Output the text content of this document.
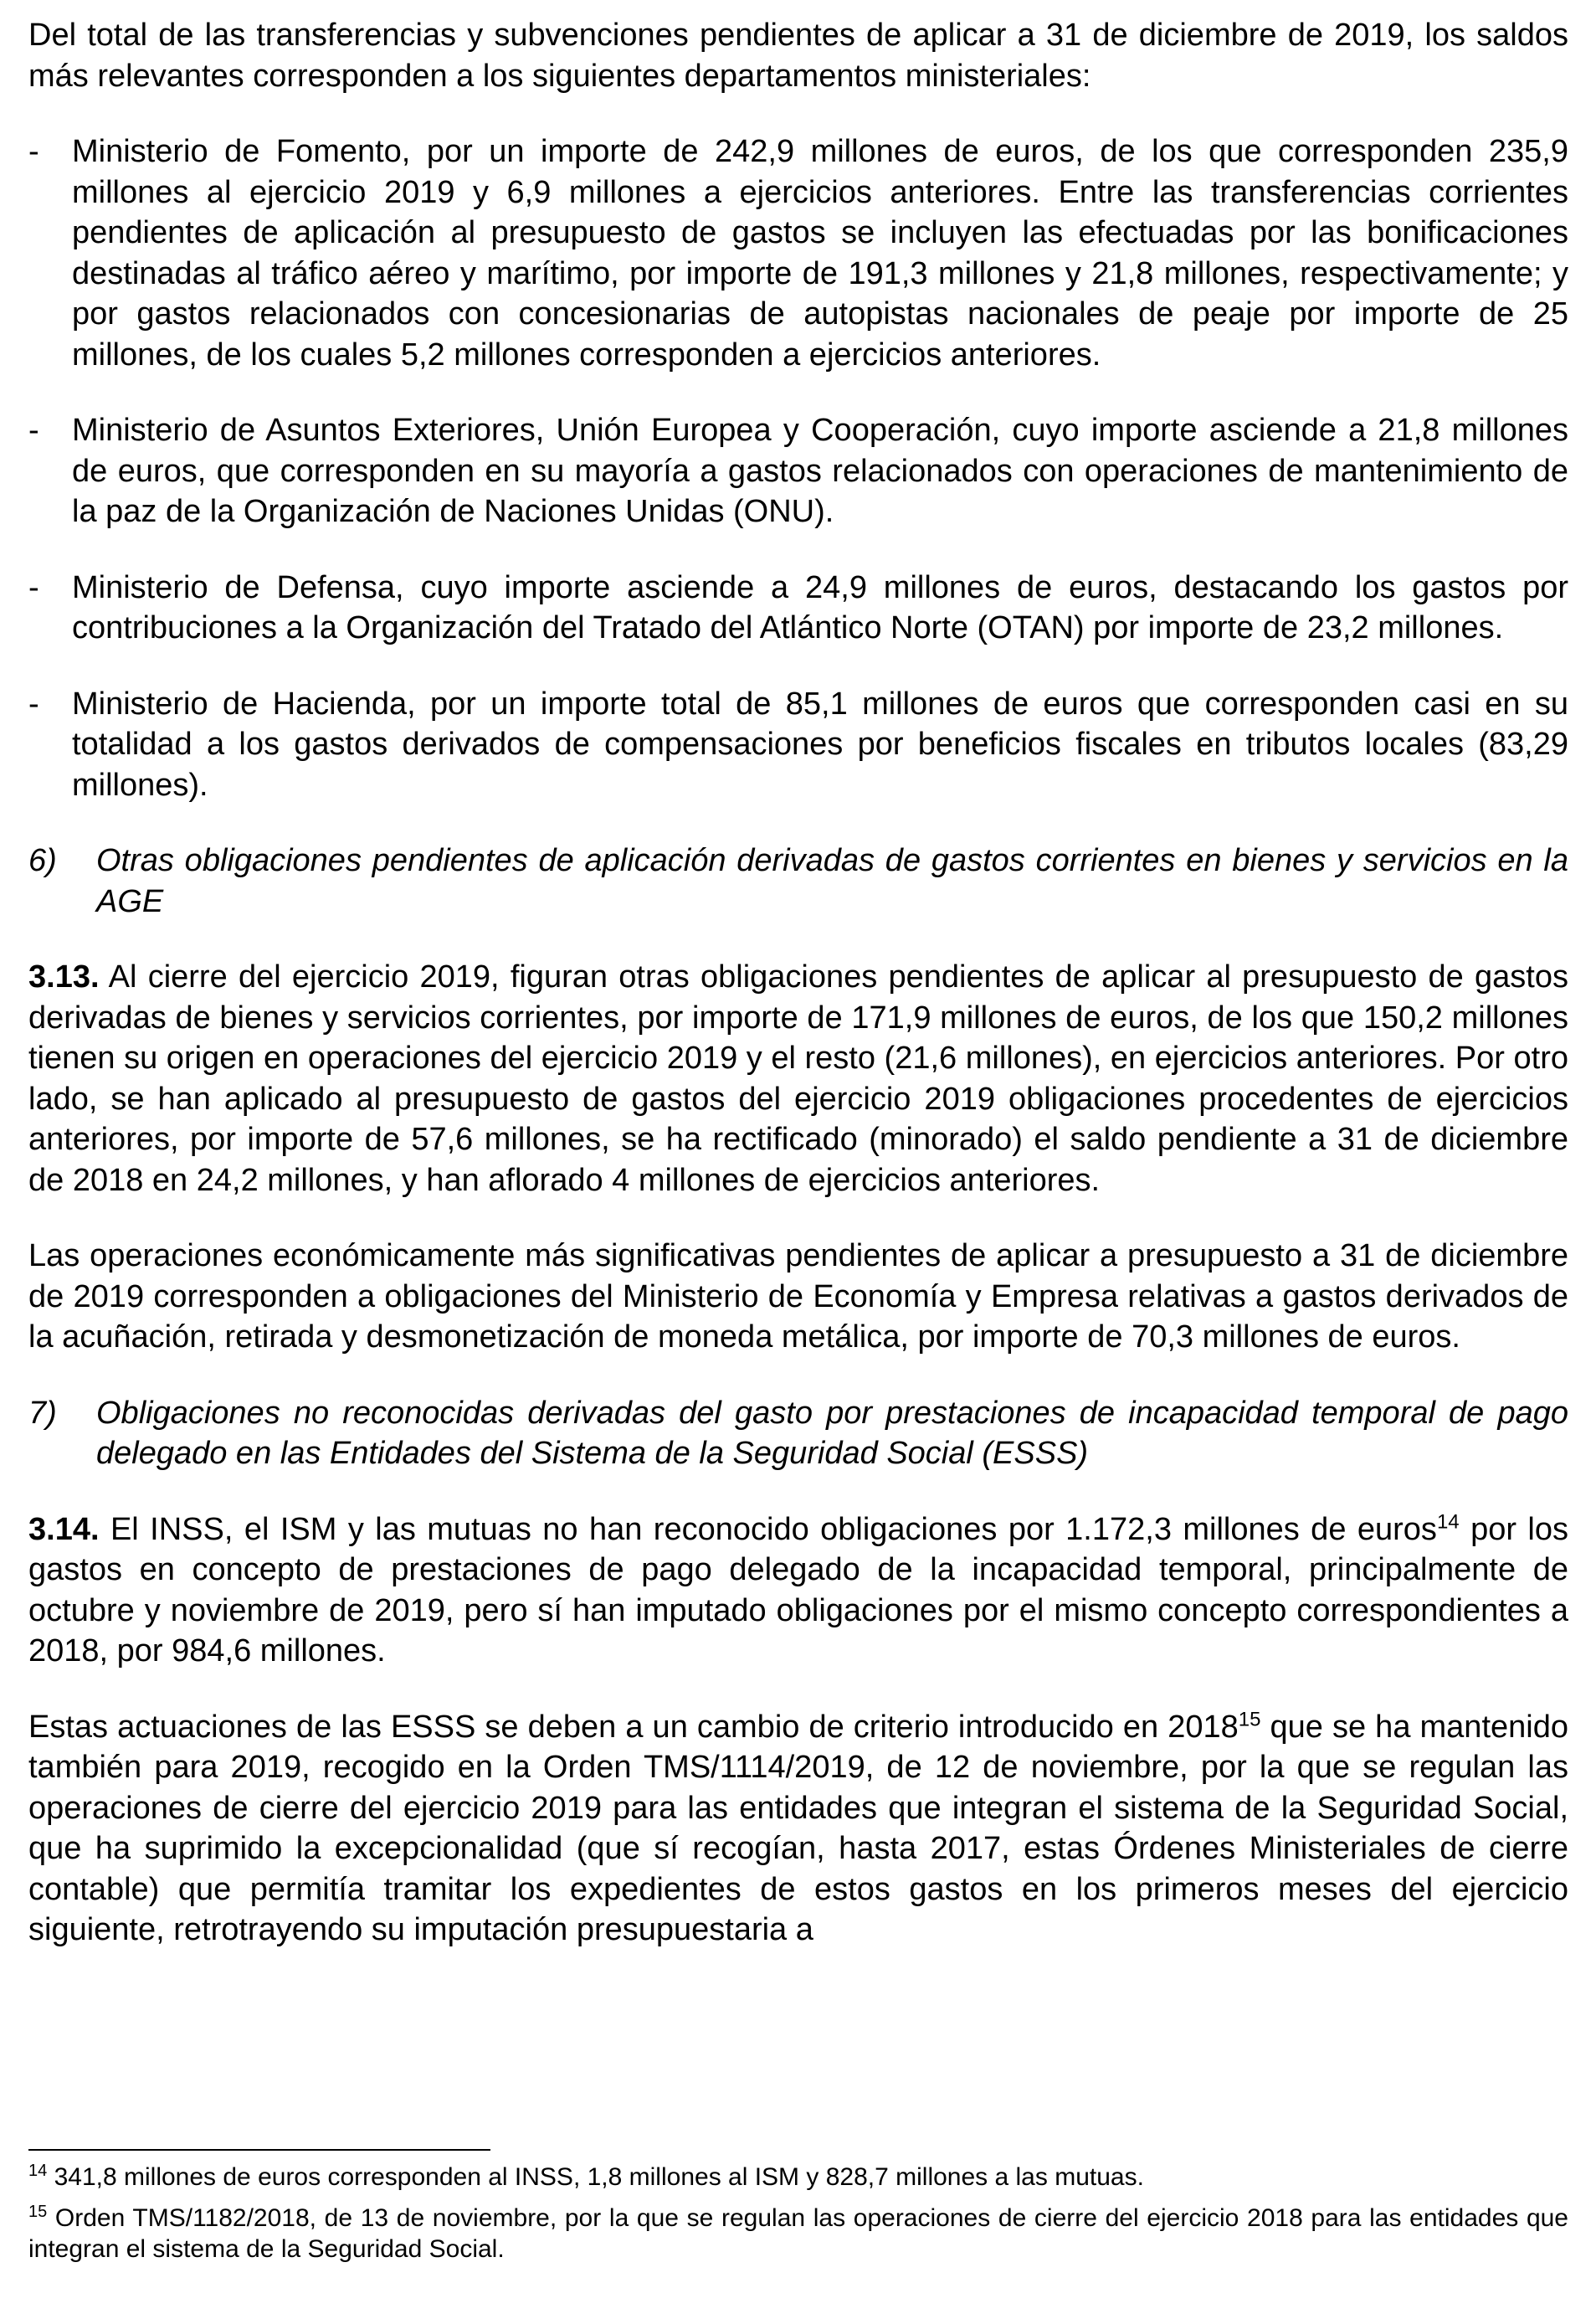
Del total de las transferencias y subvenciones pendientes de aplicar a 31 de diciembre de 2019, los saldos más relevantes corresponden a los siguientes departamentos ministeriales:

-	Ministerio de Fomento, por un importe de 242,9 millones de euros, de los que corresponden 235,9 millones al ejercicio 2019 y 6,9 millones a ejercicios anteriores. Entre las transferencias corrientes pendientes de aplicación al presupuesto de gastos se incluyen las efectuadas por las bonificaciones destinadas al tráfico aéreo y marítimo, por importe de 191,3 millones y 21,8 millones, respectivamente; y por gastos relacionados con concesionarias de autopistas nacionales de peaje por importe de 25 millones, de los cuales 5,2 millones corresponden a ejercicios anteriores.
-	Ministerio de Asuntos Exteriores, Unión Europea y Cooperación, cuyo importe asciende a 21,8 millones de euros, que corresponden en su mayoría a gastos relacionados con operaciones de mantenimiento de la paz de la Organización de Naciones Unidas (ONU).
-	Ministerio de Defensa, cuyo importe asciende a 24,9 millones de euros, destacando los gastos por contribuciones a la Organización del Tratado del Atlántico Norte (OTAN) por importe de 23,2 millones.
-	Ministerio de Hacienda, por un importe total de 85,1 millones de euros que corresponden casi en su totalidad a los gastos derivados de compensaciones por beneficios fiscales en tributos locales (83,29 millones).
6)	Otras obligaciones pendientes de aplicación derivadas de gastos corrientes en bienes y servicios en la AGE

3.13. Al cierre del ejercicio 2019, figuran otras obligaciones pendientes de aplicar al presupuesto de gastos derivadas de bienes y servicios corrientes, por importe de 171,9 millones de euros, de los que 150,2 millones tienen su origen en operaciones del ejercicio 2019 y el resto (21,6 millones), en ejercicios anteriores. Por otro lado, se han aplicado al presupuesto de gastos del ejercicio 2019 obligaciones procedentes de ejercicios anteriores, por importe de 57,6 millones, se ha rectificado (minorado) el saldo pendiente a 31 de diciembre de 2018 en 24,2 millones, y han aflorado 4 millones de ejercicios anteriores.

Las operaciones económicamente más significativas pendientes de aplicar a presupuesto a 31 de diciembre de 2019 corresponden a obligaciones del Ministerio de Economía y Empresa relativas a gastos derivados de la acuñación, retirada y desmonetización de moneda metálica, por importe de 70,3 millones de euros.

7)	Obligaciones no reconocidas derivadas del gasto por prestaciones de incapacidad temporal de pago delegado en las Entidades del Sistema de la Seguridad Social (ESSS)

3.14. El INSS, el ISM y las mutuas no han reconocido obligaciones por 1.172,3 millones de euros$^{14}$ por los gastos en concepto de prestaciones de pago delegado de la incapacidad temporal, principalmente de octubre y noviembre de 2019, pero sí han imputado obligaciones por el mismo concepto correspondientes a 2018, por 984,6 millones.

Estas actuaciones de las ESSS se deben a un cambio de criterio introducido en 2018$^{15}$ que se ha mantenido también para 2019, recogido en la Orden TMS/1114/2019, de 12 de noviembre, por la que se regulan las operaciones de cierre del ejercicio 2019 para las entidades que integran el sistema de la Seguridad Social, que ha suprimido la excepcionalidad (que sí recogían, hasta 2017, estas Órdenes Ministeriales de cierre contable) que permitía tramitar los expedientes de estos gastos en los primeros meses del ejercicio siguiente, retrotrayendo su imputación presupuestaria a

$^{14}$ 341,8 millones de euros corresponden al INSS, 1,8 millones al ISM y 828,7 millones a las mutuas.

$^{15}$ Orden TMS/1182/2018, de 13 de noviembre, por la que se regulan las operaciones de cierre del ejercicio 2018 para las entidades que integran el sistema de la Seguridad Social.
